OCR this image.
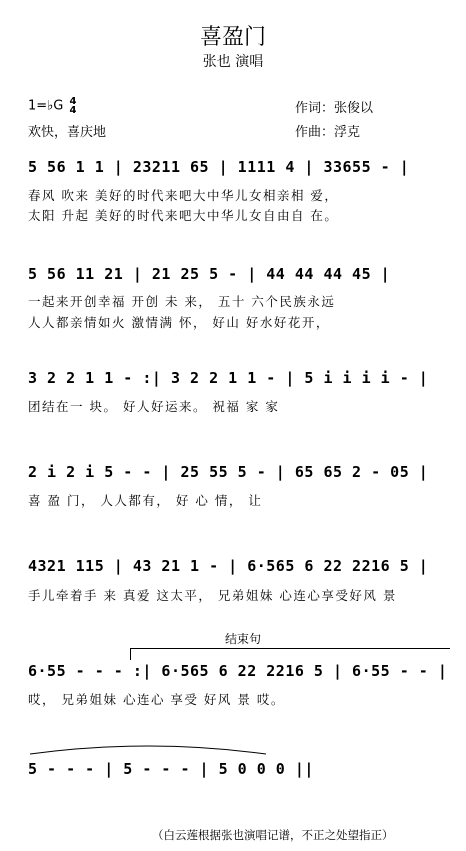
喜盈门
张也 演唱
1=♭G 4
4
欢快，喜庆地
作词：张俊以
作曲：浮克
5 56 1 1 | 23211 65 | 1111 4 | 33655 - |
春风 吹来 美好的时代来吧大中华儿女相亲相 爱，
太阳 升起 美好的时代来吧大中华儿女自由自 在。
5 56 11 21 | 21 25 5 - | 44 44 44 45 |
一起来开创幸福 开创 未 来， 五十 六个民族永远
人人都亲情如火 激情满 怀， 好山 好水好花开，
3 2 2 1 1 - :| 3 2 2 1 1 - | 5 i i i i - |
团结在一 块。 好人好运来。 祝福 家 家
2 i 2 i 5 - - | 25 55 5 - | 65 65 2 - 05 |
喜 盈 门， 人人都有， 好 心 情， 让
4321 115 | 43 21 1 - | 6·565 6 22 2216 5 |
手儿牵着手 来 真爱 这太平， 兄弟姐妹 心连心享受好风 景
结束句
6·55 - - - :| 6·565 6 22 2216 5 | 6·55 - - |
哎， 兄弟姐妹 心连心 享受 好风 景 哎。
5 - - - | 5 - - - | 5 0 0 0 ||
（白云莲根据张也演唱记谱，不正之处望指正）
